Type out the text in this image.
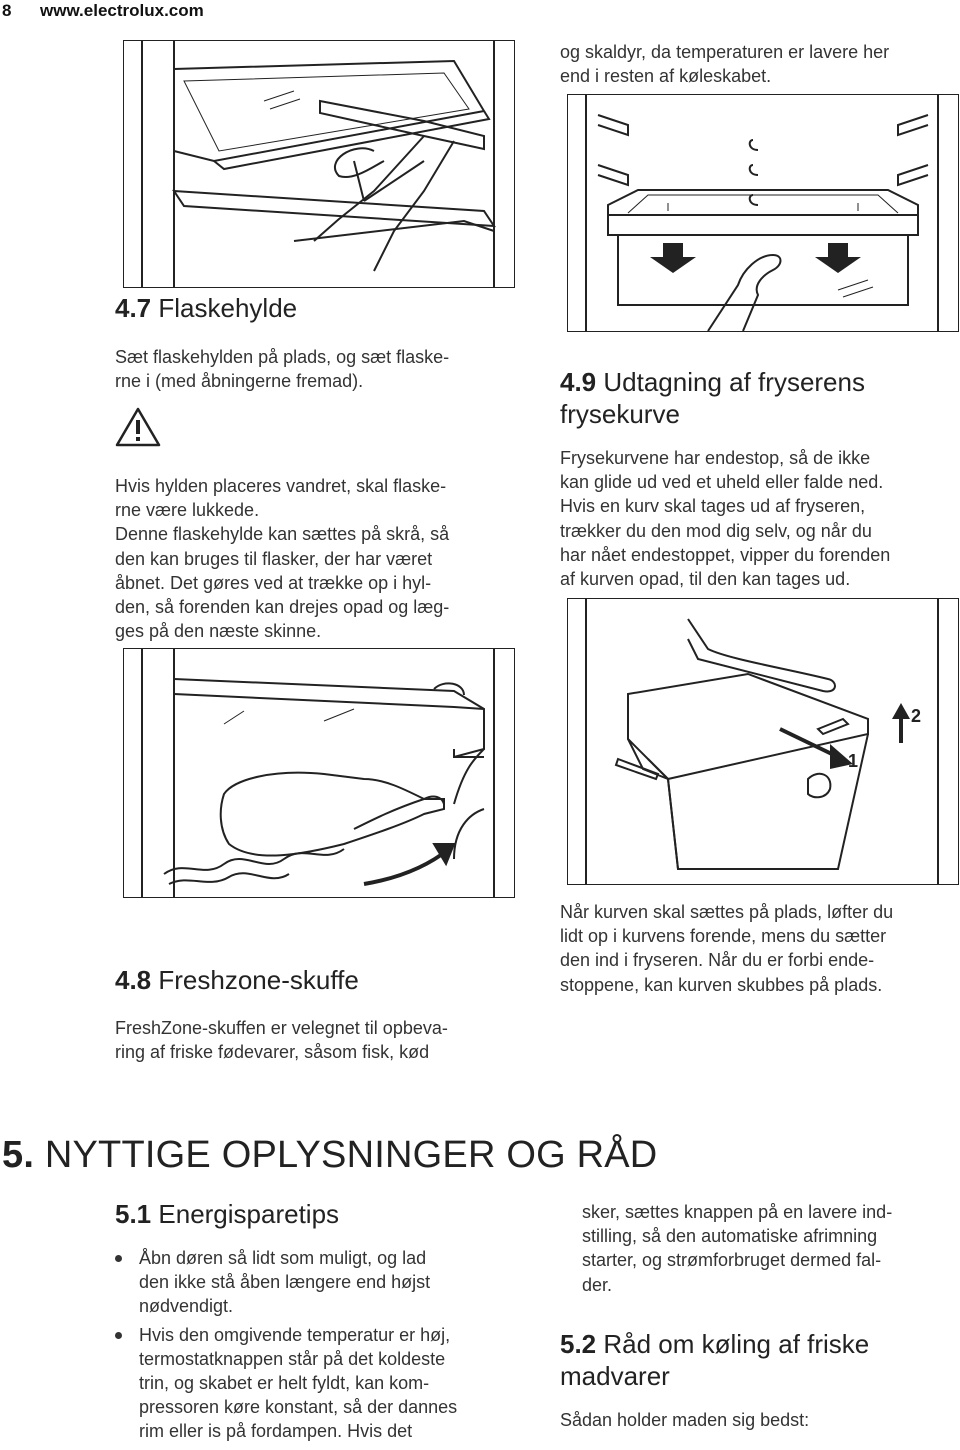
8 www.electrolux.com
4.7 Flaskehylde

Sæt flaskehylden på plads, og sæt flaske-
rne i (med åbningerne fremad).

Hvis hylden placeres vandret, skal flaske-
rne være lukkede.
Denne flaskehylde kan sættes på skrå, så
den kan bruges til flasker, der har været
åbnet. Det gøres ved at trække op i hyl-
den, så forenden kan drejes opad og læg-
ges på den næste skinne.

4.8 Freshzone-skuffe

FreshZone-skuffen er velegnet til opbeva-
ring af friske fødevarer, såsom fisk, kød

og skaldyr, da temperaturen er lavere her
end i resten af køleskabet.

4.9 Udtagning af fryserens
frysekurve

Frysekurvene har endestop, så de ikke
kan glide ud ved et uheld eller falde ned.
Hvis en kurv skal tages ud af fryseren,
trækker du den mod dig selv, og når du
har nået endestoppet, vipper du forenden
af kurven opad, til den kan tages ud.

1
2

Når kurven skal sættes på plads, løfter du
lidt op i kurvens forende, mens du sætter
den ind i fryseren. Når du er forbi ende-
stoppene, kan kurven skubbes på plads.

5. NYTTIGE OPLYSNINGER OG RÅD
5.1 Energisparetips
Åbn døren så lidt som muligt, og lad
den ikke stå åben længere end højst
nødvendigt.
Hvis den omgivende temperatur er høj,
termostatknappen står på det koldeste
trin, og skabet er helt fyldt, kan kom-
pressoren køre konstant, så der dannes
rim eller is på fordampen. Hvis det

sker, sættes knappen på en lavere ind-
stilling, så den automatiske afrimning
starter, og strømforbruget dermed fal-
der.

5.2 Råd om køling af friske
madvarer

Sådan holder maden sig bedst:
